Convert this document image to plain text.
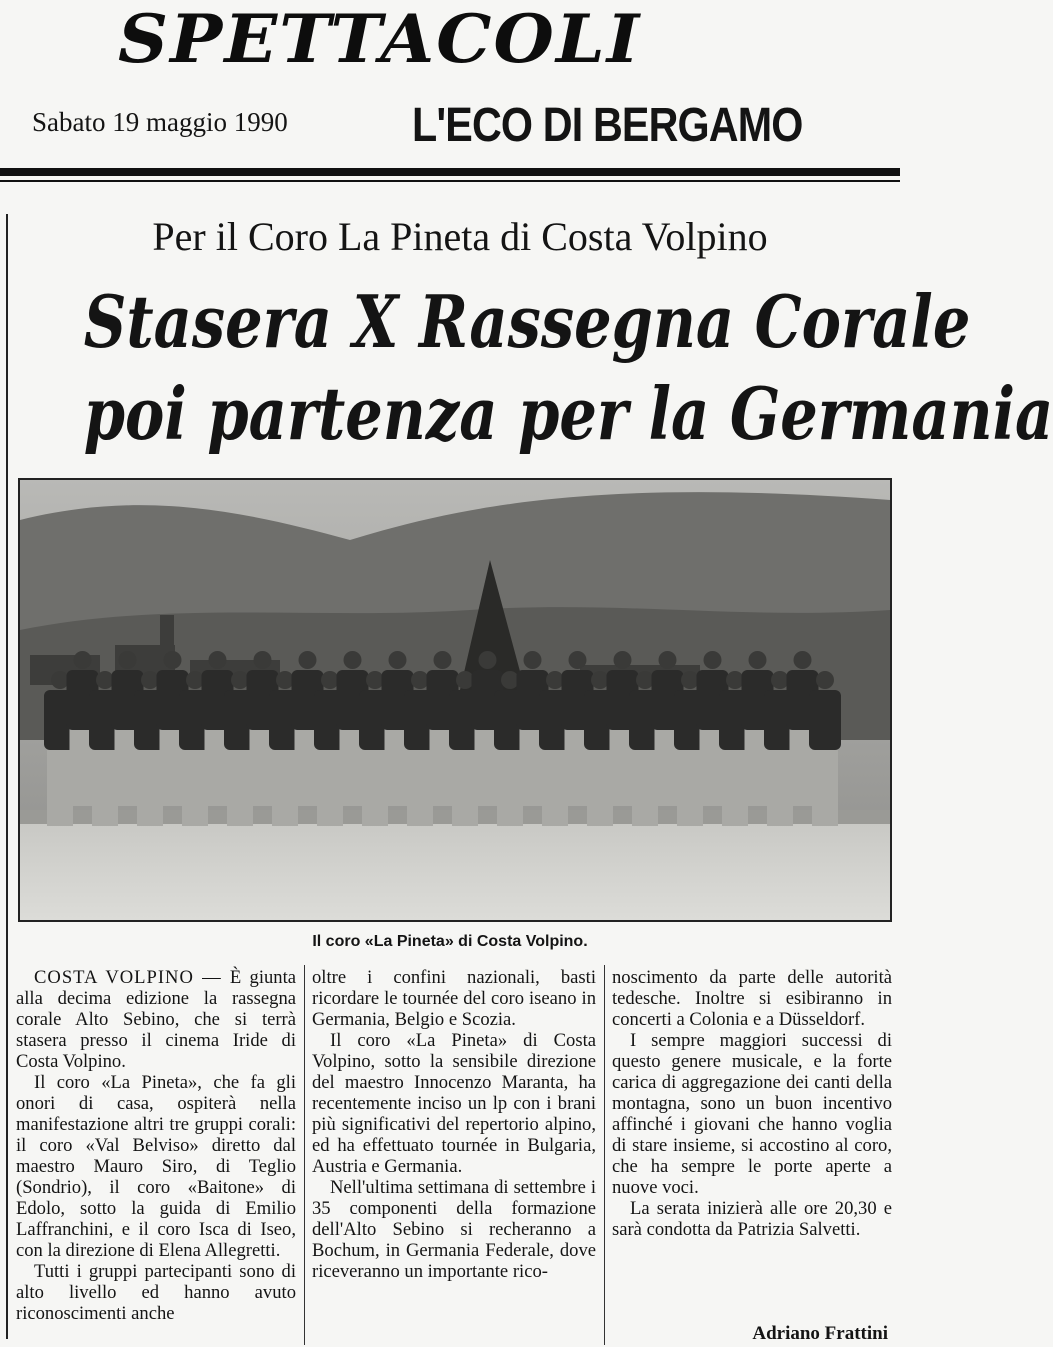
SPETTACOLI
Sabato 19 maggio 1990	L'ECO DI BERGAMO
Per il Coro La Pineta di Costa Volpino
Stasera X Rassegna Corale
poi partenza per la Germania
Il coro «La Pineta» di Costa Volpino.

COSTA VOLPINO — È giunta alla decima edizione la rassegna corale Alto Sebino, che si terrà stasera presso il cinema Iride di Costa Volpino.

Il coro «La Pineta», che fa gli onori di casa, ospiterà nella manifestazione altri tre gruppi corali: il coro «Val Belviso» diretto dal maestro Mauro Siro, di Teglio (Sondrio), il coro «Baitone» di Edolo, sotto la guida di Emilio Laffranchini, e il coro Isca di Iseo, con la direzione di Elena Allegretti.

Tutti i gruppi partecipanti sono di alto livello ed hanno avuto riconoscimenti anche

oltre i confini nazionali, basti ricordare le tournée del coro iseano in Germania, Belgio e Scozia.

Il coro «La Pineta» di Costa Volpino, sotto la sensibile direzione del maestro Innocenzo Maranta, ha recentemente inciso un lp con i brani più significativi del repertorio alpino, ed ha effettuato tournée in Bulgaria, Austria e Germania.

Nell'ultima settimana di settembre i 35 componenti della formazione dell'Alto Sebino si recheranno a Bochum, in Germania Federale, dove riceveranno un importante rico-

noscimento da parte delle autorità tedesche. Inoltre si esibiranno in concerti a Colonia e a Düsseldorf.

I sempre maggiori successi di questo genere musicale, e la forte carica di aggregazione dei canti della montagna, sono un buon incentivo affinché i giovani che hanno voglia di stare insieme, si accostino al coro, che ha sempre le porte aperte a nuove voci.

La serata inizierà alle ore 20,30 e sarà condotta da Patrizia Salvetti.

Adriano Frattini
